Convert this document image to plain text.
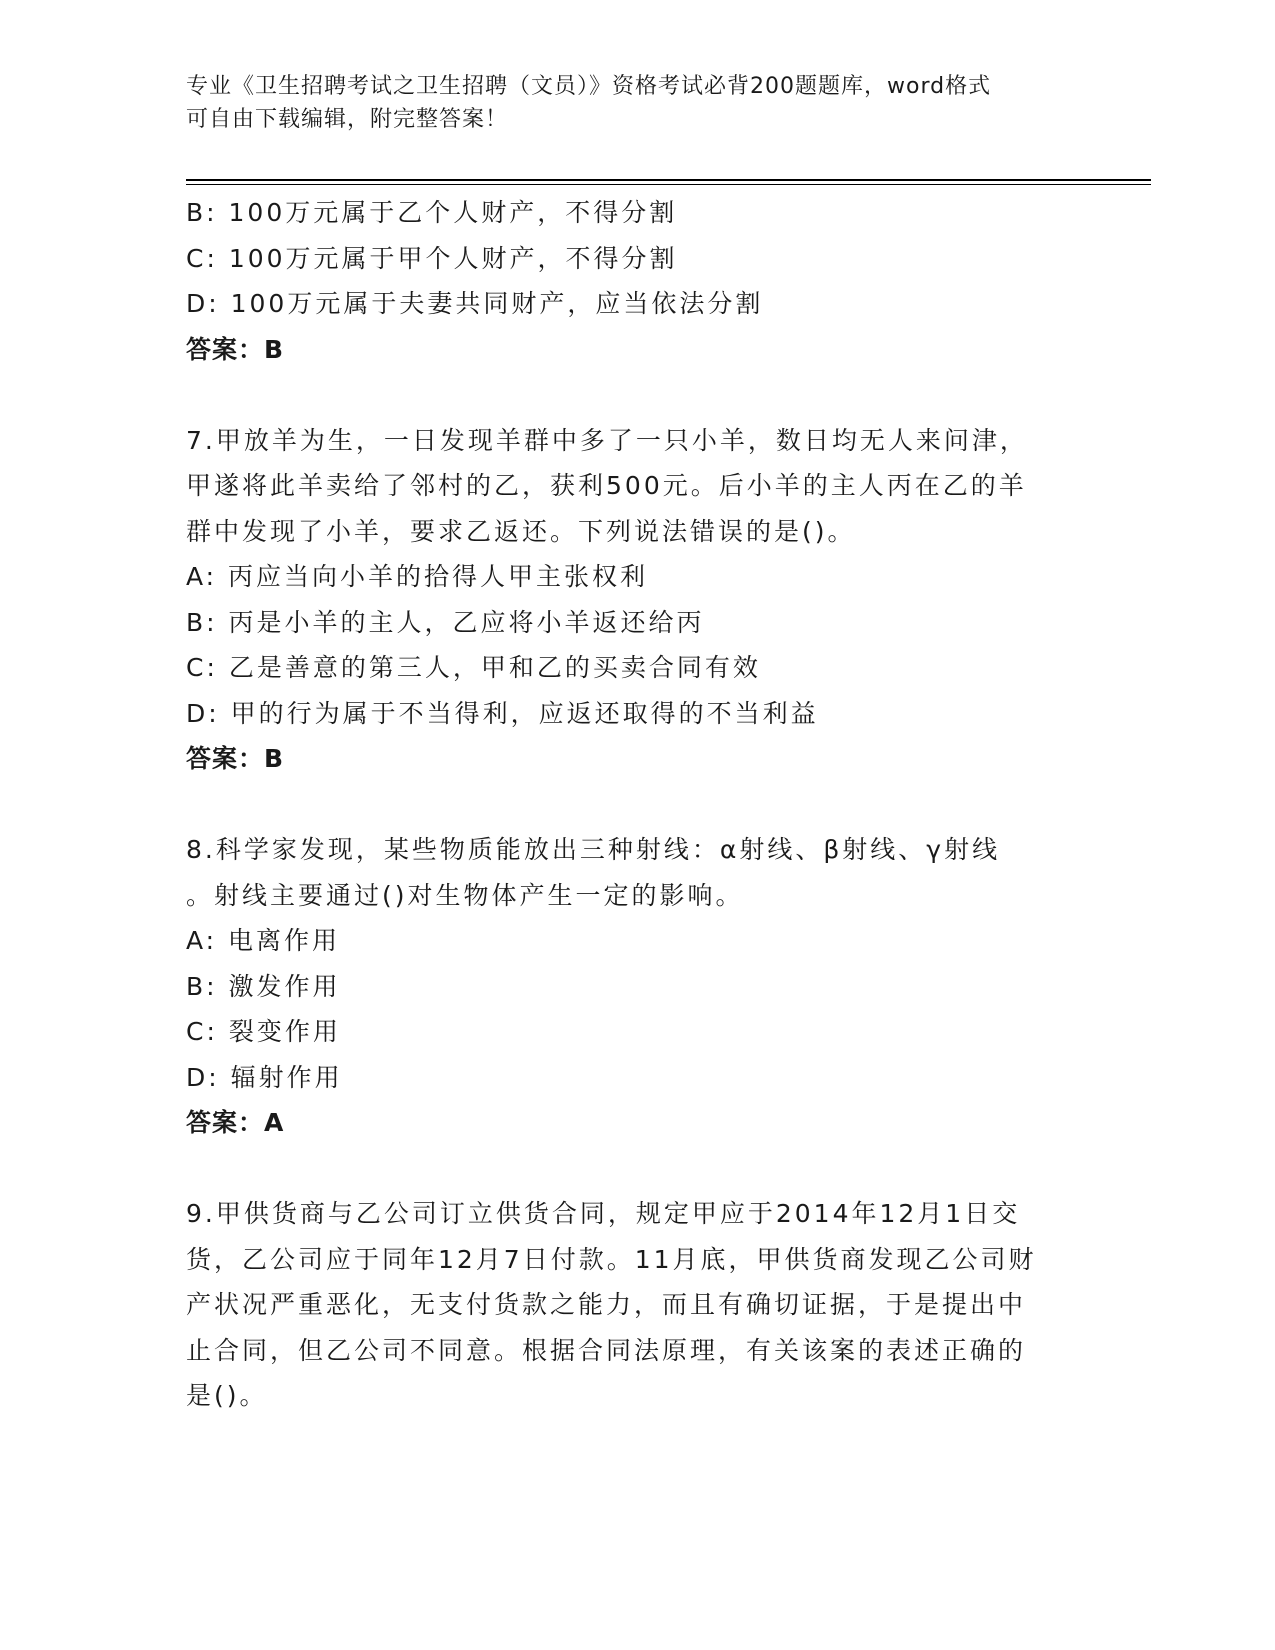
专业《卫生招聘考试之卫生招聘（文员）》资格考试必背200题题库，word格式
可自由下载编辑，附完整答案！
B: 100万元属于乙个人财产，不得分割
C: 100万元属于甲个人财产，不得分割
D: 100万元属于夫妻共同财产，应当依法分割
答案：B
7.甲放羊为生，一日发现羊群中多了一只小羊，数日均无人来问津，
甲遂将此羊卖给了邻村的乙，获利500元。后小羊的主人丙在乙的羊
群中发现了小羊，要求乙返还。下列说法错误的是()。
A: 丙应当向小羊的拾得人甲主张权利
B: 丙是小羊的主人，乙应将小羊返还给丙
C: 乙是善意的第三人，甲和乙的买卖合同有效
D: 甲的行为属于不当得利，应返还取得的不当利益
答案：B
8.科学家发现，某些物质能放出三种射线：α射线、β射线、γ射线
。射线主要通过()对生物体产生一定的影响。
A: 电离作用
B: 激发作用
C: 裂变作用
D: 辐射作用
答案：A
9.甲供货商与乙公司订立供货合同，规定甲应于2014年12月1日交
货，乙公司应于同年12月7日付款。11月底，甲供货商发现乙公司财
产状况严重恶化，无支付货款之能力，而且有确切证据，于是提出中
止合同，但乙公司不同意。根据合同法原理，有关该案的表述正确的
是()。
